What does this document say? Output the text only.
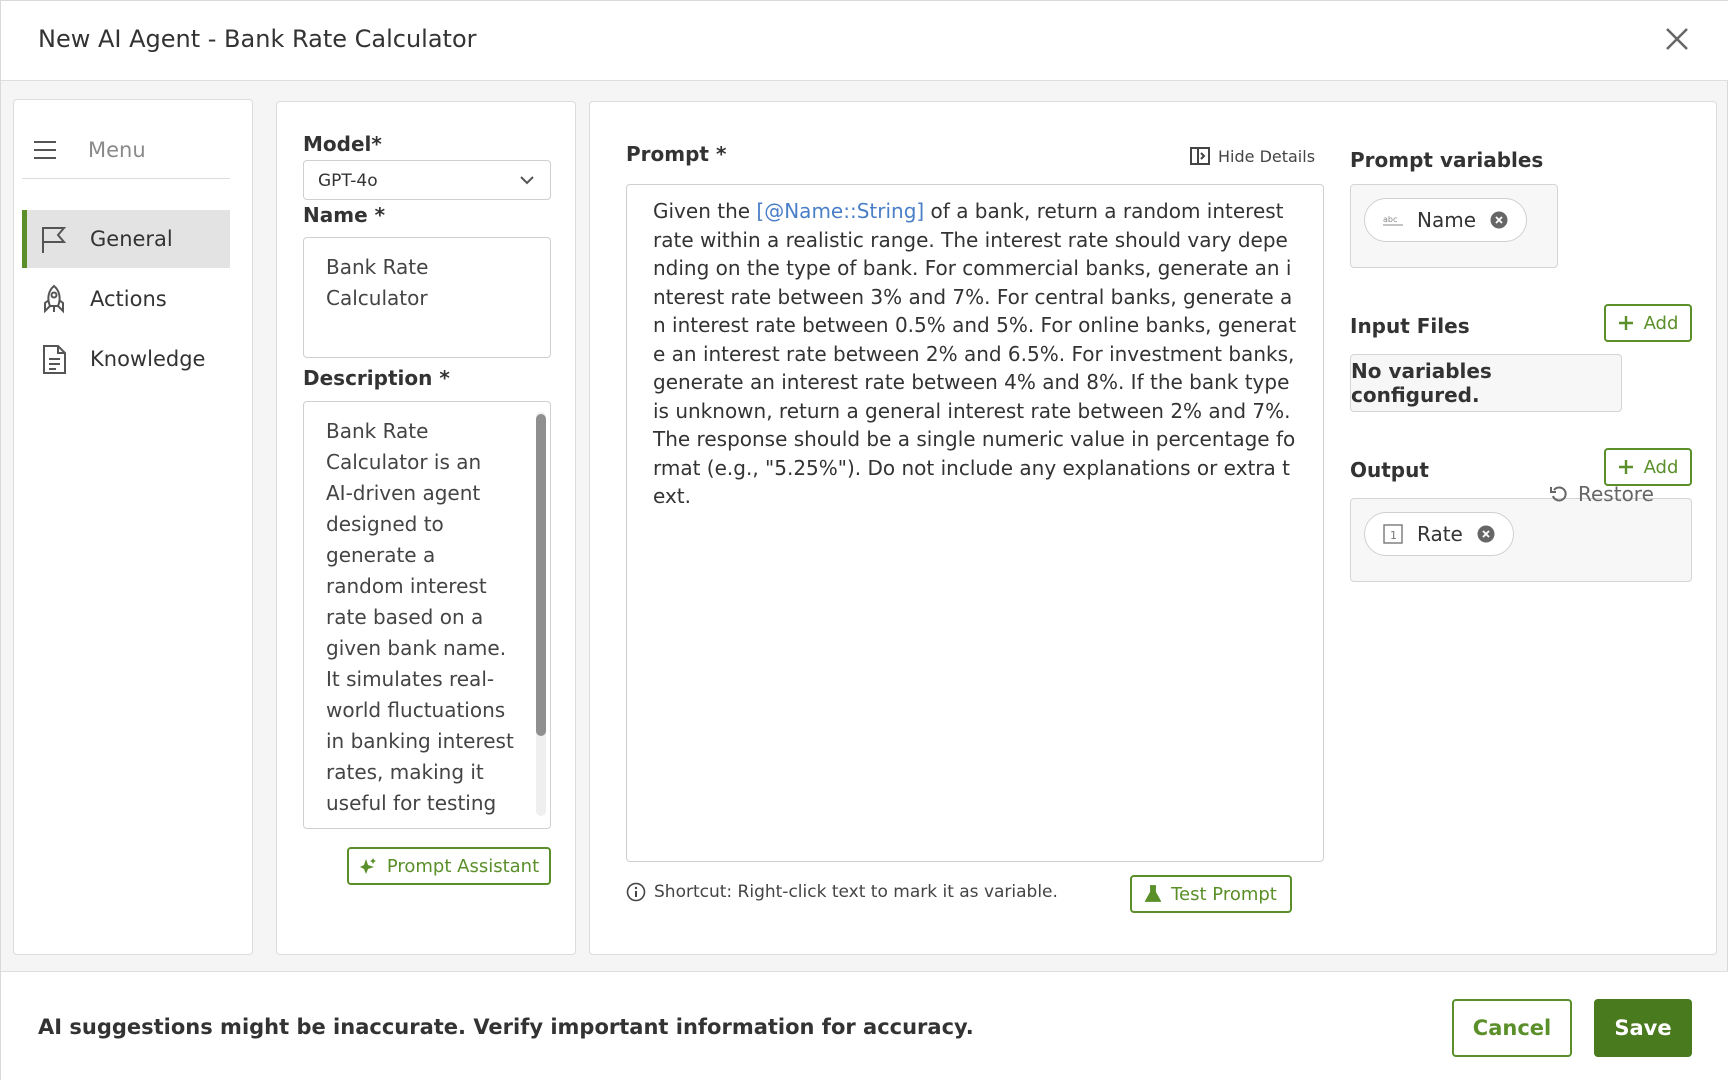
New AI Agent - Bank Rate Calculator
Menu
General
Actions
Knowledge
Model*
GPT-4o
Name *
Bank Rate Calculator
Description *
Bank Rate Calculator is an AI-driven agent designed to generate a random interest rate based on a given bank name. It simulates real-world fluctuations in banking interest rates, making it useful for testing
Prompt Assistant
Prompt *	Hide Details
Given the [@Name::String] of a bank, return a random interest rate within a realistic range. The interest rate should vary depending on the type of bank. For commercial banks, generate an interest rate between 3% and 7%. For central banks, generate an interest rate between 0.5% and 5%. For online banks, generate an interest rate between 2% and 6.5%. For investment banks, generate an interest rate between 4% and 8%. If the bank type is unknown, return a general interest rate between 2% and 7%. The response should be a single numeric value in percentage format (e.g., "5.25%"). Do not include any explanations or extra text.
Shortcut: Right-click text to mark it as variable.	Test Prompt
Prompt variables
abc Name
Input Files	Add
No variables configured.
Output	Add
1 Rate
Restore
AI suggestions might be inaccurate. Verify important information for accuracy.	Cancel	Save
